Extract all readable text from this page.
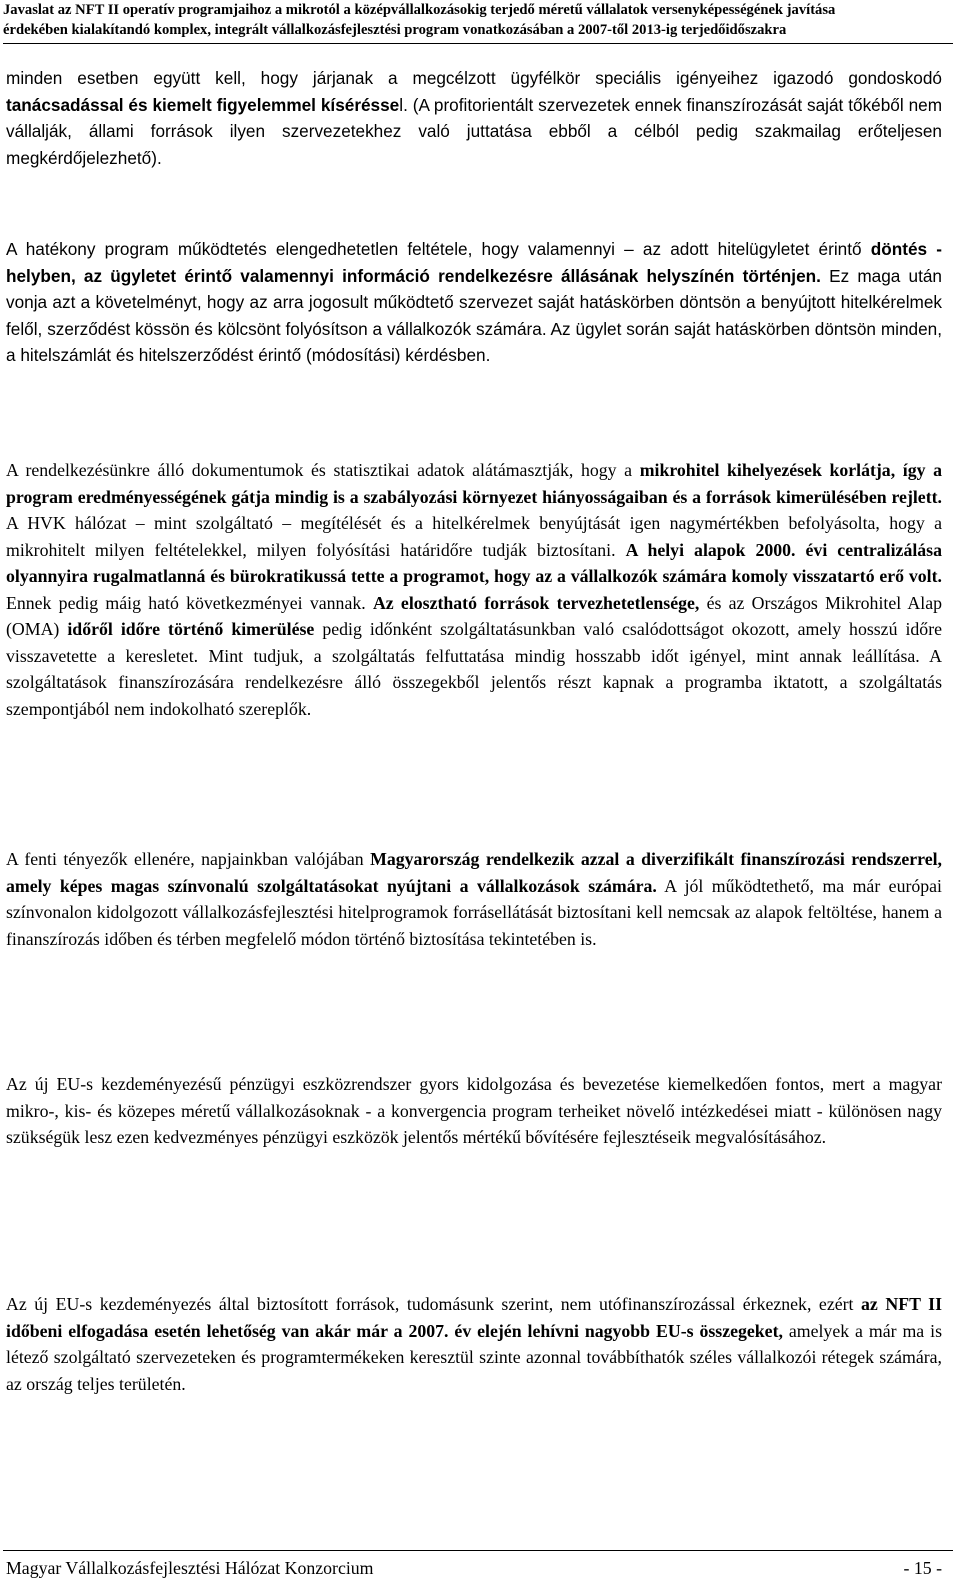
Javaslat az NFT II operatív programjaihoz a mikrotól a középvállalkozásokig terjedő méretű vállalatok versenyképességének javítása
érdekében kialakítandó komplex, integrált vállalkozásfejlesztési program vonatkozásában a 2007-től 2013-ig terjedőidőszakra

minden esetben együtt kell, hogy járjanak a megcélzott ügyfélkör speciális igényeihez igazodó gondoskodó tanácsadással és kiemelt figyelemmel kíséréssel. (A profitorientált szervezetek ennek finanszírozását saját tőkéből nem vállalják, állami források ilyen szervezetekhez való juttatása ebből a célból pedig szakmailag erőteljesen megkérdőjelezhető).

A hatékony program működtetés elengedhetetlen feltétele, hogy valamennyi – az adott hitelügyletet érintő döntés - helyben, az ügyletet érintő valamennyi információ rendelkezésre állásának helyszínén történjen. Ez maga után vonja azt a követelményt, hogy az arra jogosult működtető szervezet saját hatáskörben döntsön a benyújtott hitelkérelmek felől, szerződést kössön és kölcsönt folyósítson a vállalkozók számára. Az ügylet során saját hatáskörben döntsön minden, a hitelszámlát és hitelszerződést érintő (módosítási) kérdésben.

A rendelkezésünkre álló dokumentumok és statisztikai adatok alátámasztják, hogy a mikrohitel kihelyezések korlátja, így a program eredményességének gátja mindig is a szabályozási környezet hiányosságaiban és a források kimerülésében rejlett. A HVK hálózat – mint szolgáltató – megítélését és a hitelkérelmek benyújtását igen nagymértékben befolyásolta, hogy a mikrohitelt milyen feltételekkel, milyen folyósítási határidőre tudják biztosítani. A helyi alapok 2000. évi centralizálása olyannyira rugalmatlanná és bürokratikussá tette a programot, hogy az a vállalkozók számára komoly visszatartó erő volt. Ennek pedig máig ható következményei vannak. Az elosztható források tervezhetetlensége, és az Országos Mikrohitel Alap (OMA) időről időre történő kimerülése pedig időnként szolgáltatásunkban való csalódottságot okozott, amely hosszú időre visszavetette a keresletet. Mint tudjuk, a szolgáltatás felfuttatása mindig hosszabb időt igényel, mint annak leállítása. A szolgáltatások finanszírozására rendelkezésre álló összegekből jelentős részt kapnak a programba iktatott, a szolgáltatás szempontjából nem indokolható szereplők.

A fenti tényezők ellenére, napjainkban valójában Magyarország rendelkezik azzal a diverzifikált finanszírozási rendszerrel, amely képes magas színvonalú szolgáltatásokat nyújtani a vállalkozások számára. A jól működtethető, ma már európai színvonalon kidolgozott vállalkozásfejlesztési hitelprogramok forrásellátását biztosítani kell nemcsak az alapok feltöltése, hanem a finanszírozás időben és térben megfelelő módon történő biztosítása tekintetében is.

Az új EU-s kezdeményezésű pénzügyi eszközrendszer gyors kidolgozása és bevezetése kiemelkedően fontos, mert a magyar mikro-, kis- és közepes méretű vállalkozásoknak - a konvergencia program terheiket növelő intézkedései miatt - különösen nagy szükségük lesz ezen kedvezményes pénzügyi eszközök jelentős mértékű bővítésére fejlesztéseik megvalósításához.

Az új EU-s kezdeményezés által biztosított források, tudomásunk szerint, nem utófinanszírozással érkeznek, ezért az NFT II időbeni elfogadása esetén lehetőség van akár már a 2007. év elején lehívni nagyobb EU-s összegeket, amelyek a már ma is létező szolgáltató szervezeteken és programtermékeken keresztül szinte azonnal továbbíthatók széles vállalkozói rétegek számára, az ország teljes területén.

Magyar Vállalkozásfejlesztési Hálózat Konzorcium	- 15 -
